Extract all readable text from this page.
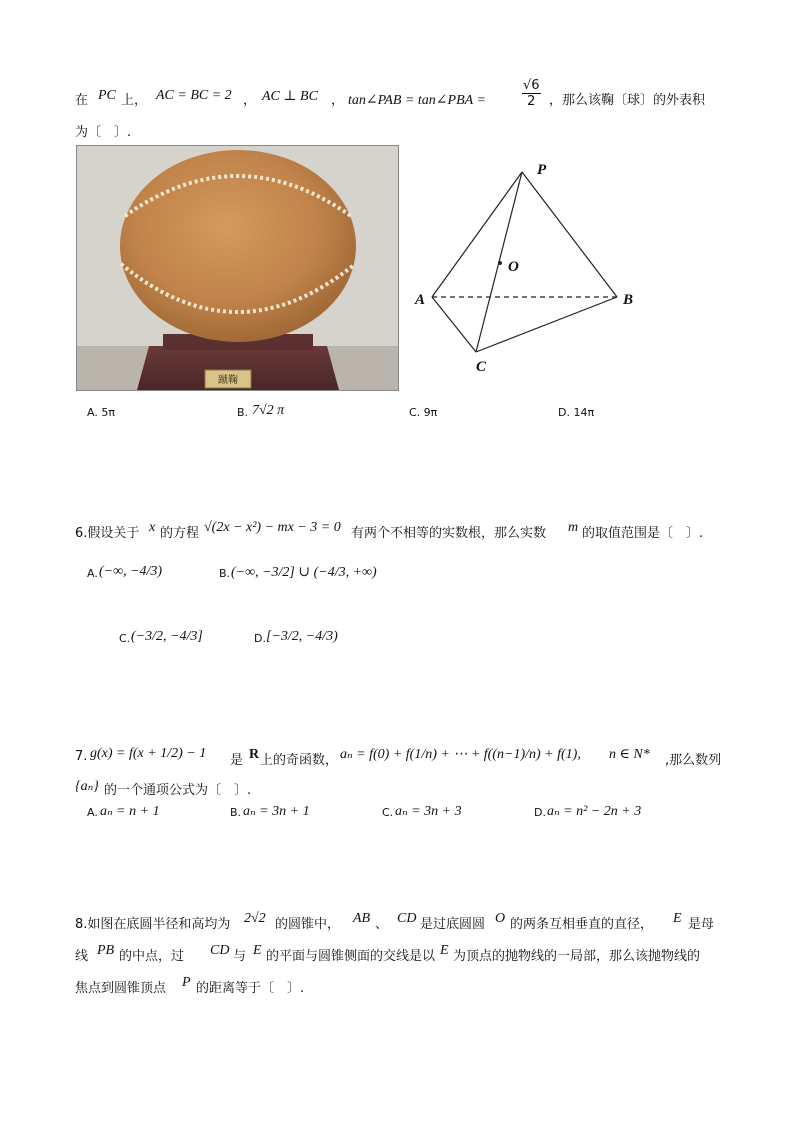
在 PC 上， AC = BC = 2 ， AC ⊥ BC ， tan∠PAB = tan∠PBA =	$\frac{√6}{2}$ ，那么该鞠〔球〕的外表积
为〔　〕.
蹴鞠
P
O
A	B
C
A. 5π	B. 7√2 π	C. 9π	D. 14π
6.假设关于 x 的方程 √(2x − x²) − mx − 3 = 0 有两个不相等的实数根，那么实数 m 的取值范围是〔　〕.
A. (−∞, −4/3)	B. (−∞, −3/2] ∪ (−4/3, +∞)
C. (−3/2, −4/3]	D. [−3/2, −4/3)
7. g(x) = f(x + 1/2) − 1 是 R 上的奇函数， aₙ = f(0) + f(1/n) + ⋯ + f((n−1)/n) + f(1), n ∈ N* ,那么数列
{aₙ} 的一个通项公式为〔　〕.
A. aₙ = n + 1	B. aₙ = 3n + 1	C. aₙ = 3n + 3	D. aₙ = n² − 2n + 3
8.如图在底圆半径和高均为 2√2 的圆锥中， AB 、 CD 是过底圆圆 O 的两条互相垂直的直径， E 是母
线 PB 的中点，过 CD 与 E 的平面与圆锥侧面的交线是以 E 为顶点的抛物线的一局部，那么该抛物线的
焦点到圆锥顶点 P 的距离等于〔　〕.
